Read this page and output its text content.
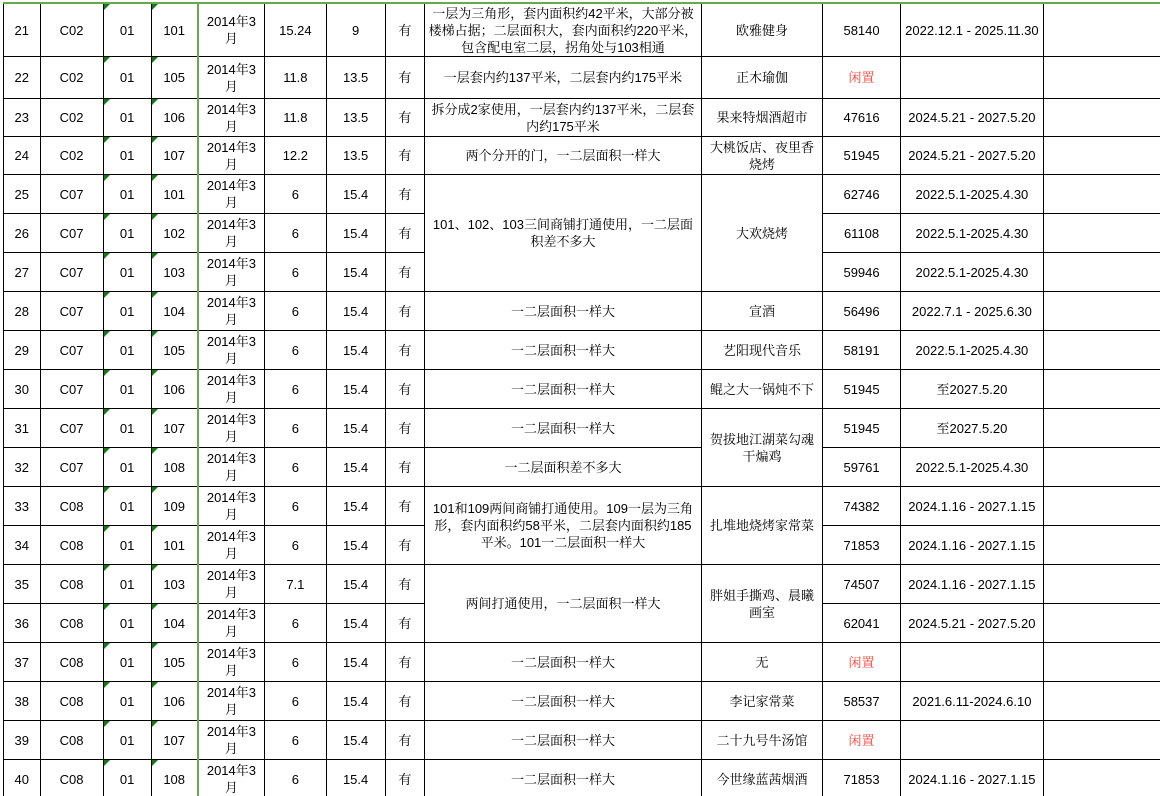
21	C02	01	101	2014年3月	15.24	9	有	一层为三角形，套内面积约42平米，大部分被楼梯占据；二层面积大，套内面积约220平米，包含配电室二层，拐角处与103相通	欧雅健身	58140	2022.12.1 - 2025.11.30	

22	C02	01	105	2014年3月	11.8	13.5	有	一层套内约137平米，二层套内约175平米	正木瑜伽	闲置		

23	C02	01	106	2014年3月	11.8	13.5	有	拆分成2家使用，一层套内约137平米，二层套内约175平米	果来特烟酒超市	47616	2024.5.21 - 2027.5.20	

24	C02	01	107	2014年3月	12.2	13.5	有	两个分开的门，一二层面积一样大	大桃饭店、夜里香烧烤	51945	2024.5.21 - 2027.5.20	

25	C07	01	101	2014年3月	6	15.4	有	101、102、103三间商铺打通使用，一二层面积差不多大	大欢烧烤	62746	2022.5.1-2025.4.30	

26	C07	01	102	2014年3月	6	15.4	有			61108	2022.5.1-2025.4.30	

27	C07	01	103	2014年3月	6	15.4	有			59946	2022.5.1-2025.4.30	

28	C07	01	104	2014年3月	6	15.4	有	一二层面积一样大	宣酒	56496	2022.7.1 - 2025.6.30	

29	C07	01	105	2014年3月	6	15.4	有	一二层面积一样大	艺阳现代音乐	58191	2022.5.1-2025.4.30	

30	C07	01	106	2014年3月	6	15.4	有	一二层面积一样大	鲲之大一锅炖不下	51945	至2027.5.20	

31	C07	01	107	2014年3月	6	15.4	有	一二层面积一样大	贺拔地江湖菜勾魂干煸鸡	51945	至2027.5.20	

32	C07	01	108	2014年3月	6	15.4	有	一二层面积差不多大		59761	2022.5.1-2025.4.30	

33	C08	01	109	2014年3月	6	15.4	有	101和109两间商铺打通使用。109一层为三角形，套内面积约58平米，二层套内面积约185平米。101一二层面积一样大	扎堆地烧烤家常菜	74382	2024.1.16 - 2027.1.15	

34	C08	01	101	2014年3月	6	15.4	有			71853	2024.1.16 - 2027.1.15	

35	C08	01	103	2014年3月	7.1	15.4	有	两间打通使用，一二层面积一样大	胖姐手撕鸡、晨曦画室	74507	2024.1.16 - 2027.1.15	

36	C08	01	104	2014年3月	6	15.4	有			62041	2024.5.21 - 2027.5.20	

37	C08	01	105	2014年3月	6	15.4	有	一二层面积一样大	无	闲置		

38	C08	01	106	2014年3月	6	15.4	有	一二层面积一样大	李记家常菜	58537	2021.6.11-2024.6.10	

39	C08	01	107	2014年3月	6	15.4	有	一二层面积一样大	二十九号牛汤馆	闲置		

40	C08	01	108	2014年3月	6	15.4	有	一二层面积一样大	今世缘蓝茜烟酒	71853	2024.1.16 - 2027.1.15	
